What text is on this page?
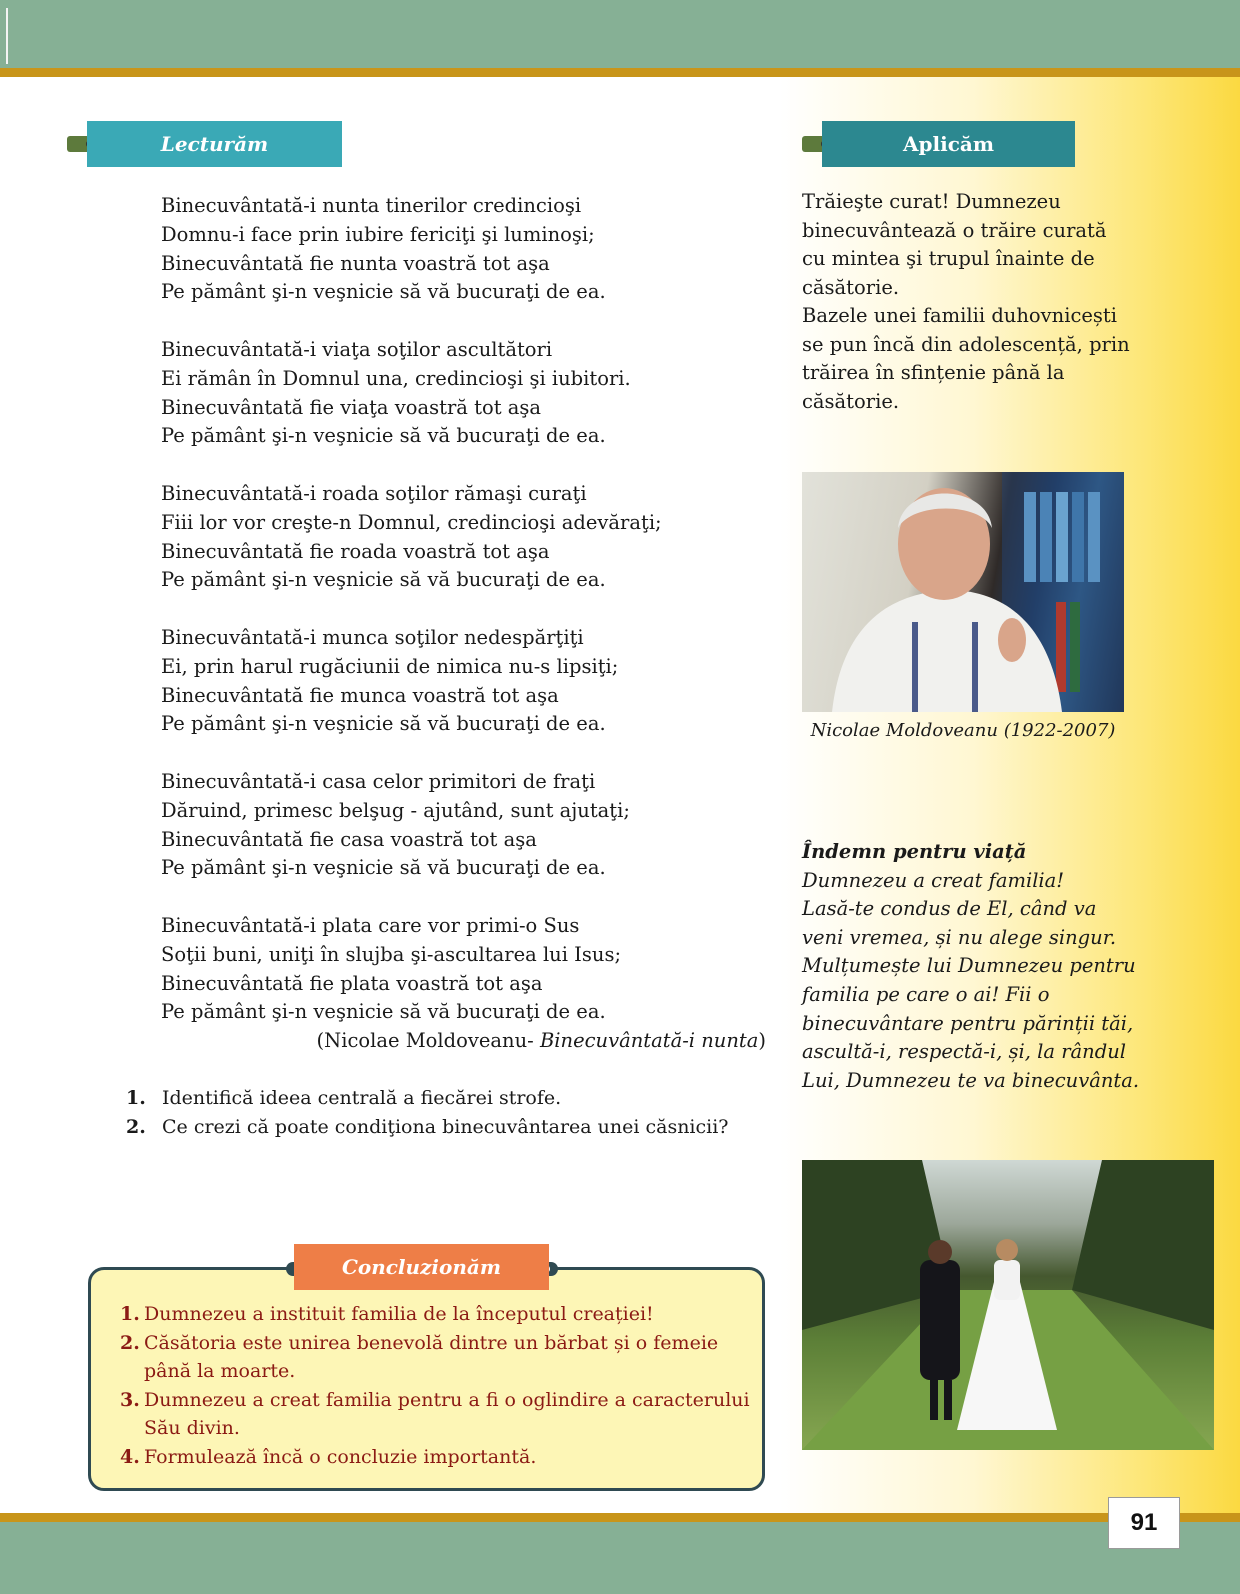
Lecturăm	Aplicăm
Binecuvântată-i nunta tinerilor credincioşi
Domnu-i face prin iubire fericiţi şi luminoşi;
Binecuvântată fie nunta voastră tot aşa
Pe pământ şi-n veşnicie să vă bucuraţi de ea.
Binecuvântată-i viaţa soţilor ascultători
Ei rămân în Domnul una, credincioşi şi iubitori.
Binecuvântată fie viaţa voastră tot aşa
Pe pământ şi-n veşnicie să vă bucuraţi de ea.
Binecuvântată-i roada soţilor rămaşi curaţi
Fiii lor vor creşte-n Domnul, credincioşi adevăraţi;
Binecuvântată fie roada voastră tot aşa
Pe pământ şi-n veşnicie să vă bucuraţi de ea.
Binecuvântată-i munca soţilor nedespărţiţi
Ei, prin harul rugăciunii de nimica nu-s lipsiţi;
Binecuvântată fie munca voastră tot aşa
Pe pământ şi-n veşnicie să vă bucuraţi de ea.
Binecuvântată-i casa celor primitori de fraţi
Dăruind, primesc belşug - ajutând, sunt ajutaţi;
Binecuvântată fie casa voastră tot aşa
Pe pământ şi-n veşnicie să vă bucuraţi de ea.
Binecuvântată-i plata care vor primi-o Sus
Soţii buni, uniţi în slujba şi-ascultarea lui Isus;
Binecuvântată fie plata voastră tot aşa
Pe pământ şi-n veşnicie să vă bucuraţi de ea.
(Nicolae Moldoveanu- Binecuvântată-i nunta)
1. Identifică ideea centrală a fiecărei strofe.
2. Ce crezi că poate condiţiona binecuvântarea unei căsnicii?
Concluzionăm
1. Dumnezeu a instituit familia de la începutul creației!
2. Căsătoria este unirea benevolă dintre un bărbat și o femeie până la moarte.
3. Dumnezeu a creat familia pentru a fi o oglindire a caracterului Său divin.
4. Formulează încă o concluzie importantă.
Trăieşte curat! Dumnezeu
binecuvântează o trăire curată
cu mintea şi trupul înainte de
căsătorie.
Bazele unei familii duhovnicești
se pun încă din adolescență, prin
trăirea în sfințenie până la
căsătorie.
Nicolae Moldoveanu (1922-2007)
Îndemn pentru viață
Dumnezeu a creat familia!
Lasă-te condus de El, când va
veni vremea, și nu alege singur.
Mulțumește lui Dumnezeu pentru
familia pe care o ai! Fii o
binecuvântare pentru părinții tăi,
ascultă-i, respectă-i, și, la rândul
Lui, Dumnezeu te va binecuvânta.
91
